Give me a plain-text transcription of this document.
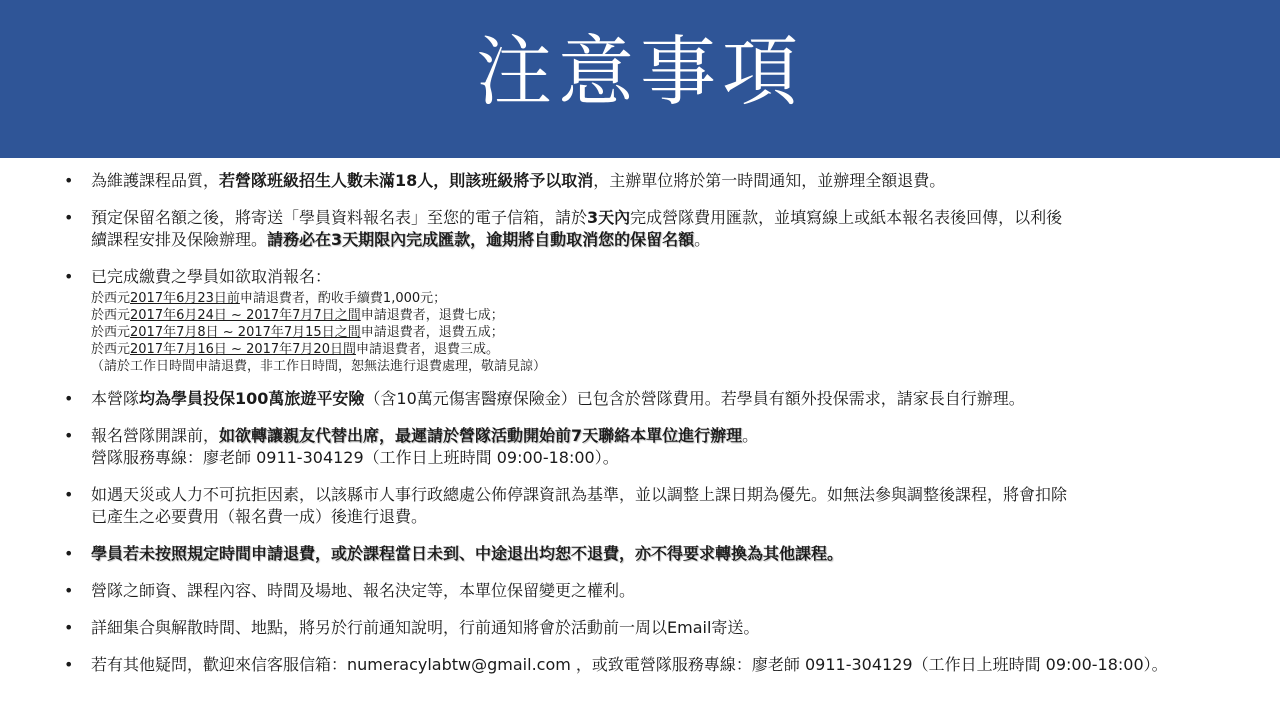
注意事項
• 為維護課程品質，若營隊班級招生人數未滿18人，則該班級將予以取消，主辦單位將於第一時間通知，並辦理全額退費。
• 預定保留名額之後，將寄送「學員資料報名表」至您的電子信箱，請於3天內完成營隊費用匯款，並填寫線上或紙本報名表後回傳，以利後
續課程安排及保險辦理。請務必在3天期限內完成匯款，逾期將自動取消您的保留名額。
• 已完成繳費之學員如欲取消報名：
於西元2017年6月23日前申請退費者，酌收手續費1,000元；
於西元2017年6月24日 ~ 2017年7月7日之間申請退費者，退費七成；
於西元2017年7月8日 ~ 2017年7月15日之間申請退費者，退費五成；
於西元2017年7月16日 ~ 2017年7月20日間申請退費者，退費三成。
（請於工作日時間申請退費，非工作日時間，恕無法進行退費處理，敬請見諒）
• 本營隊均為學員投保100萬旅遊平安險（含10萬元傷害醫療保險金）已包含於營隊費用。若學員有額外投保需求，請家長自行辦理。
• 報名營隊開課前，如欲轉讓親友代替出席，最遲請於營隊活動開始前7天聯絡本單位進行辦理。
營隊服務專線：廖老師 0911-304129（工作日上班時間 09:00-18:00）。
• 如遇天災或人力不可抗拒因素，以該縣市人事行政總處公佈停課資訊為基準，並以調整上課日期為優先。如無法參與調整後課程，將會扣除
已產生之必要費用（報名費一成）後進行退費。
• 學員若未按照規定時間申請退費，或於課程當日未到、中途退出均恕不退費，亦不得要求轉換為其他課程。
• 營隊之師資、課程內容、時間及場地、報名決定等，本單位保留變更之權利。
• 詳細集合與解散時間、地點，將另於行前通知說明，行前通知將會於活動前一周以Email寄送。
• 若有其他疑問，歡迎來信客服信箱：numeracylabtw@gmail.com ，或致電營隊服務專線：廖老師 0911-304129（工作日上班時間 09:00-18:00）。
